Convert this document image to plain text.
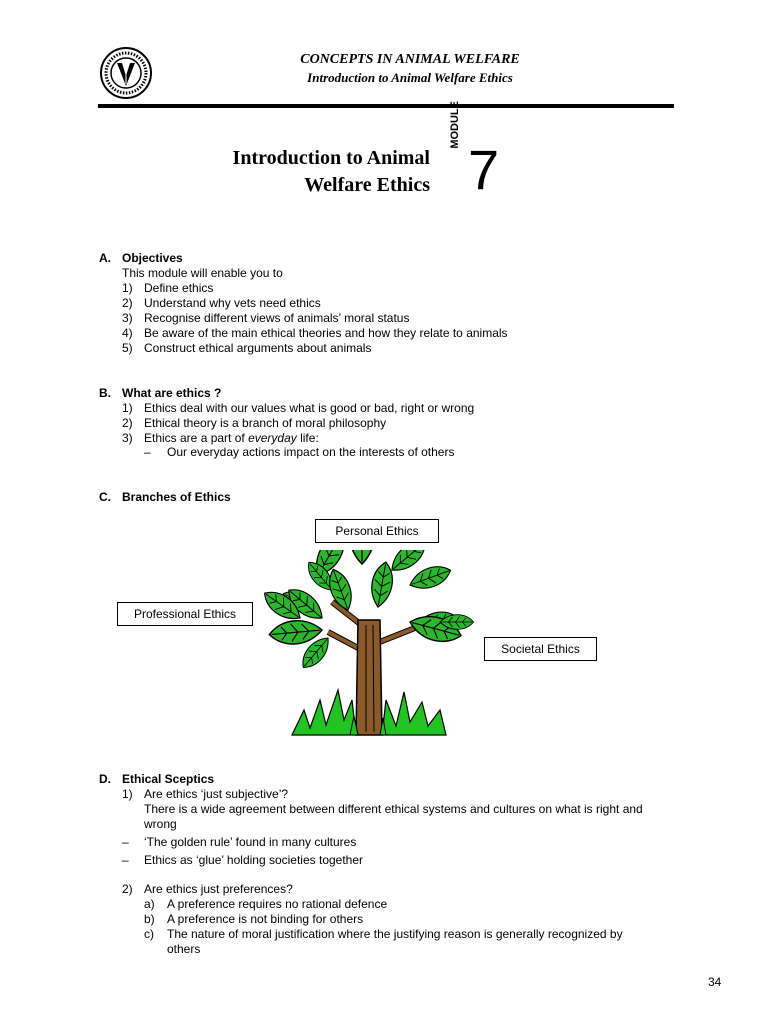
CONCEPTS IN ANIMAL WELFARE
Introduction to Animal Welfare Ethics
Introduction to Animal
Welfare Ethics
MODULE
7
A. Objectives
This module will enable you to
1) Define ethics
2) Understand why vets need ethics
3) Recognise different views of animals’ moral status
4) Be aware of the main ethical theories and how they relate to animals
5) Construct ethical arguments about animals
B. What are ethics ?
1) Ethics deal with our values what is good or bad, right or wrong
2) Ethical theory is a branch of moral philosophy
3) Ethics are a part of everyday life:
– Our everyday actions impact on the interests of others
C. Branches of Ethics
Personal Ethics
Professional Ethics
Societal Ethics
D. Ethical Sceptics
1) Are ethics ‘just subjective’?
There is a wide agreement between different ethical systems and cultures on what is right and
wrong
– ‘The golden rule’ found in many cultures
– Ethics as ‘glue’ holding societies together
2) Are ethics just preferences?
a) A preference requires no rational defence
b) A preference is not binding for others
c) The nature of moral justification where the justifying reason is generally recognized by
others
34
